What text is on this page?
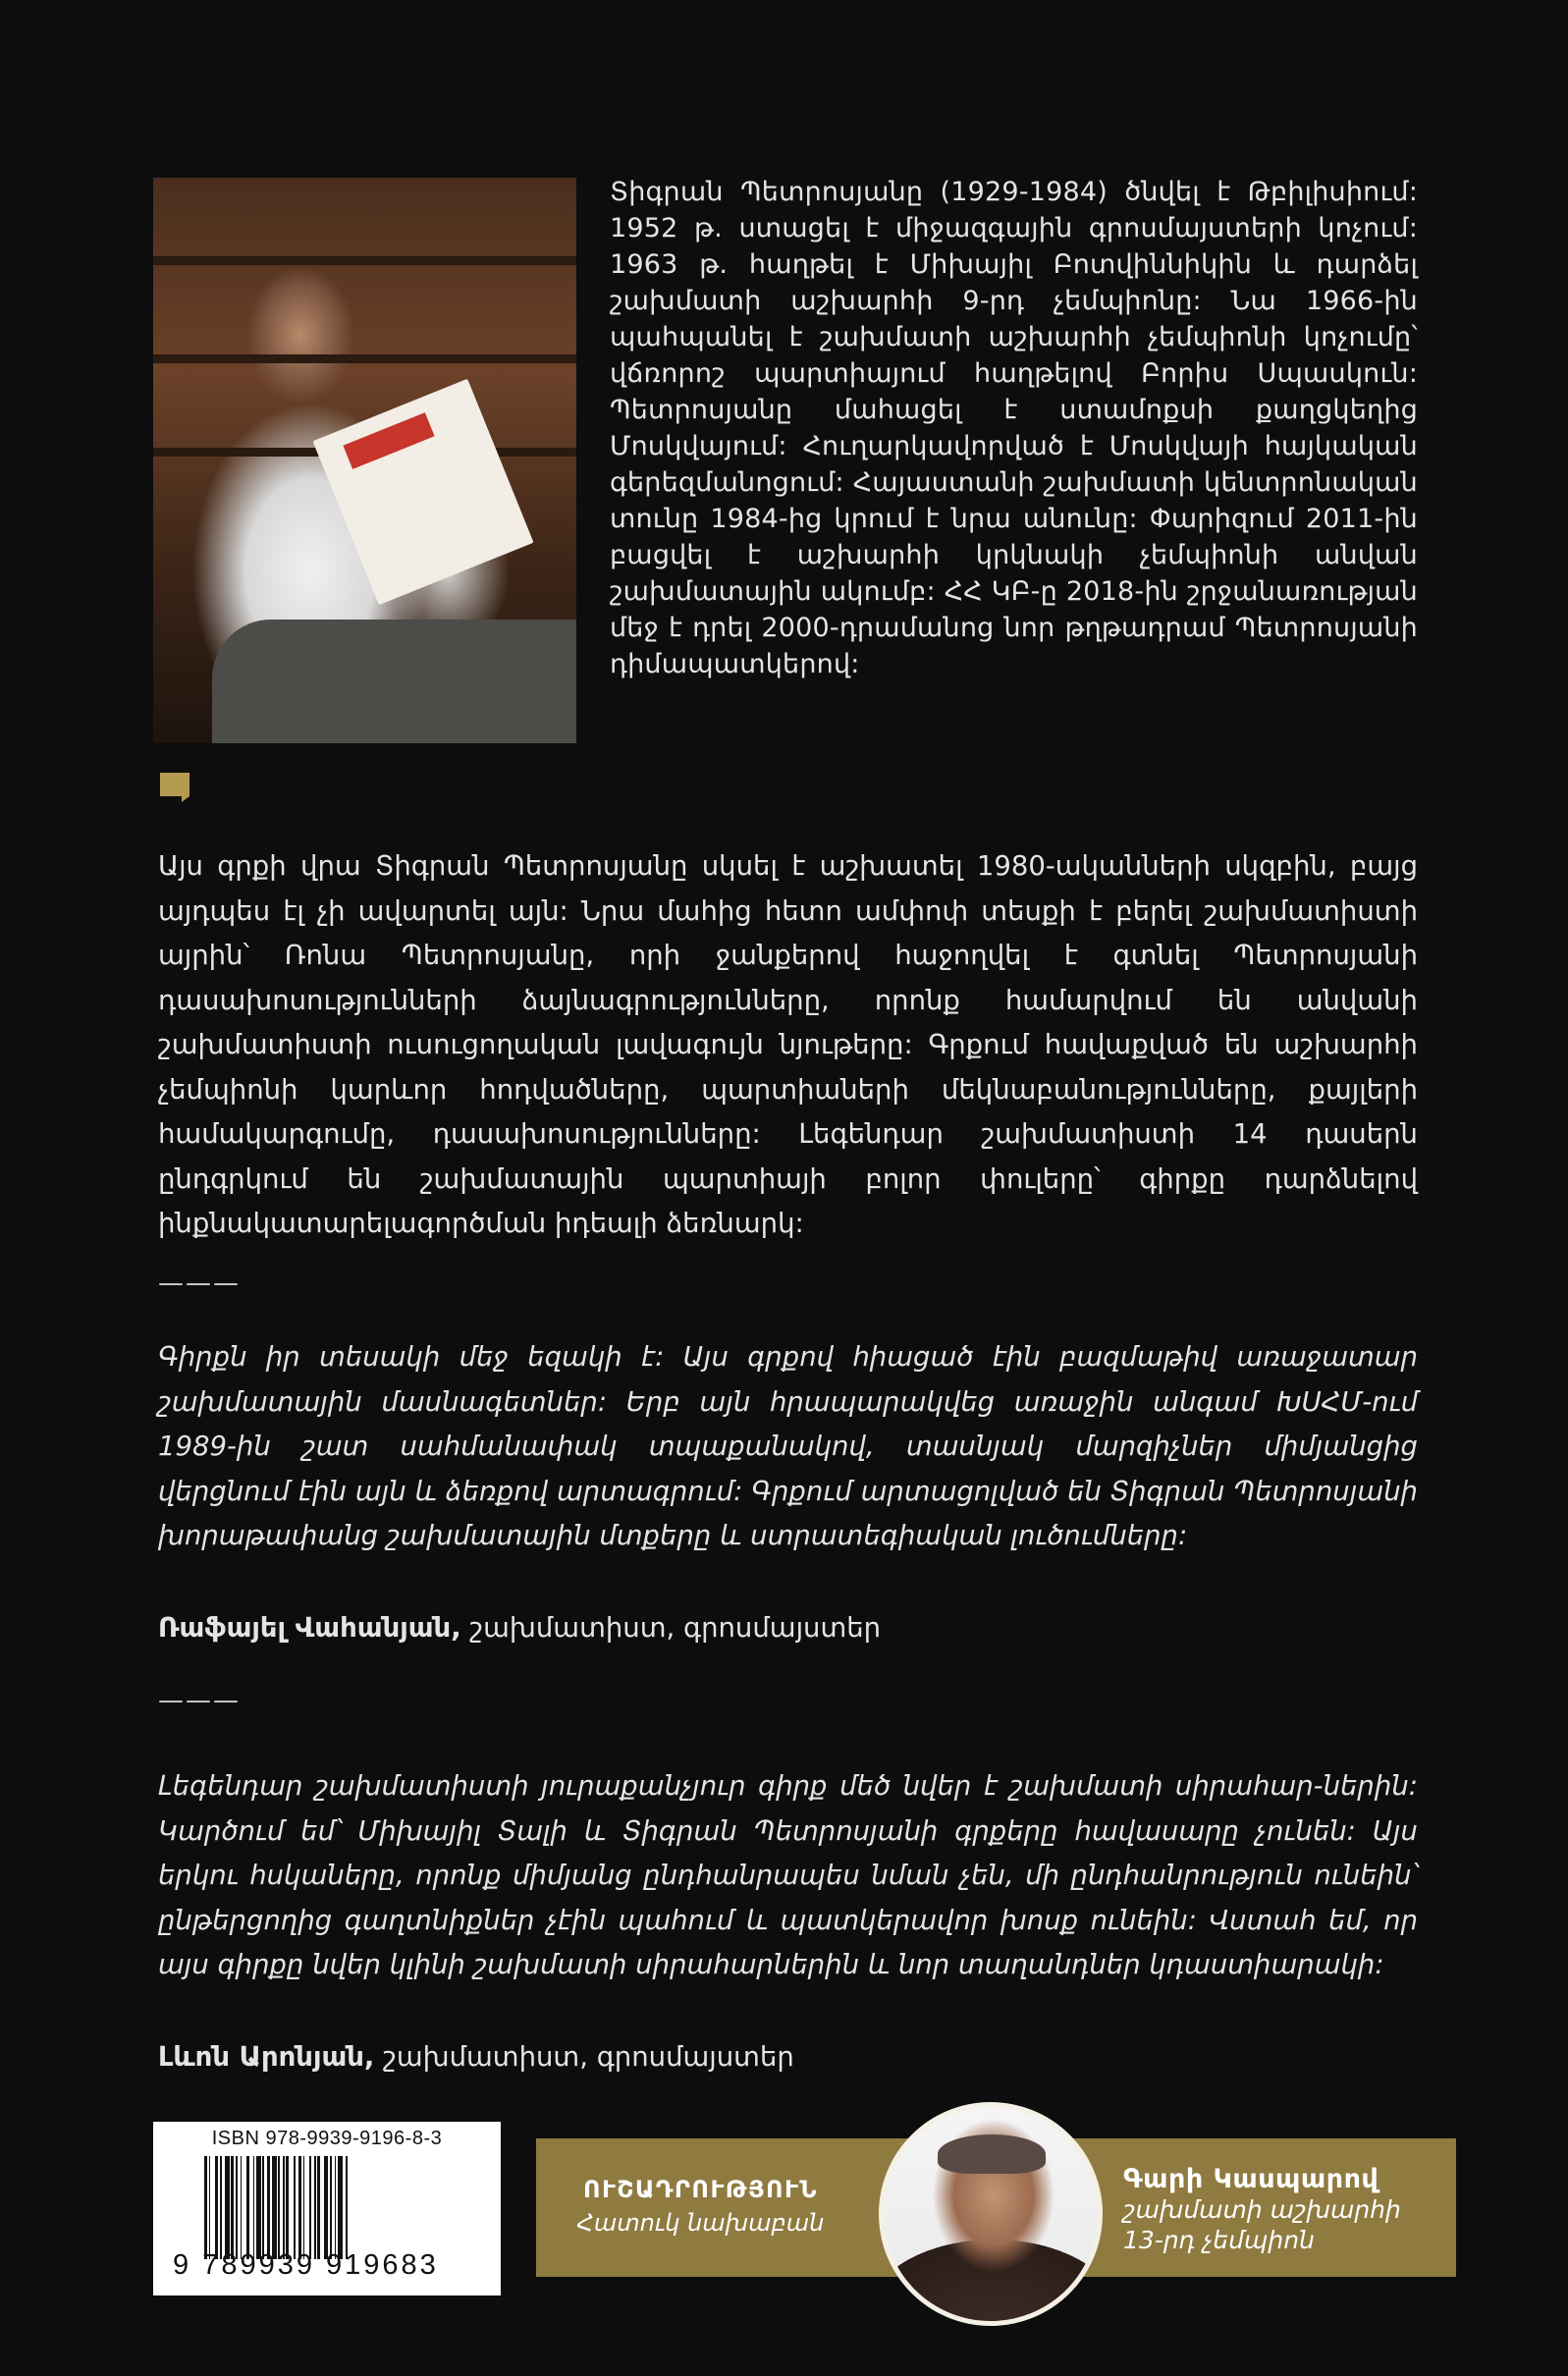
Տիգրան Պետրոսյանը (1929-1984) ծնվել է Թբիլիսիում: 1952 թ. ստացել է միջազգային գրոսմայստերի կոչում: 1963 թ. հաղթել է Միխայիլ Բոտվիննիկին և դարձել շախմատի աշխարհի 9-րդ չեմպիոնը: Նա 1966-ին պահպանել է շախմատի աշխարհի չեմպիոնի կոչումը՝ վճռորոշ պարտիայում հաղթելով Բորիս Սպասկուն: Պետրոսյանը մահացել է ստամոքսի քաղցկեղից Մոսկվայում: Հուղարկավորված է Մոսկվայի հայկական գերեզմանոցում: Հայաստանի շախմատի կենտրոնական տունը 1984-ից կրում է նրա անունը: Փարիզում 2011-ին բացվել է աշխարհի կրկնակի չեմպիոնի անվան շախմատային ակումբ: ՀՀ ԿԲ-ը 2018-ին շրջանառության մեջ է դրել 2000-դրամանոց նոր թղթադրամ Պետրոսյանի դիմապատկերով:

Այս գրքի վրա Տիգրան Պետրոսյանը սկսել է աշխատել 1980-ականների սկզբին, բայց այդպես էլ չի ավարտել այն: Նրա մահից հետո ամփոփ տեսքի է բերել շախմատիստի այրին՝ Ռոնա Պետրոսյանը, որի ջանքերով հաջողվել է գտնել Պետրոսյանի դասախոսությունների ձայնագրությունները, որոնք համարվում են անվանի շախմատիստի ուսուցողական լավագույն նյութերը: Գրքում հավաքված են աշխարհի չեմպիոնի կարևոր հոդվածները, պարտիաների մեկնաբանությունները, քայլերի համակարգումը, դասախոսությունները: Լեգենդար շախմատիստի 14 դասերն ընդգրկում են շախմատային պարտիայի բոլոր փուլերը՝ գիրքը դարձնելով ինքնակատարելագործման իդեալի ձեռնարկ:

———

Գիրքն իր տեսակի մեջ եզակի է: Այս գրքով հիացած էին բազմաթիվ առաջատար շախմատային մասնագետներ: Երբ այն հրապարակվեց առաջին անգամ ԽՍՀՄ-ում 1989-ին շատ սահմանափակ տպաքանակով, տասնյակ մարզիչներ միմյանցից վերցնում էին այն և ձեռքով արտագրում: Գրքում արտացոլված են Տիգրան Պետրոսյանի խորաթափանց շախմատային մտքերը և ստրատեգիական լուծումները:

Ռաֆայել Վահանյան, շախմատիստ, գրոսմայստեր
———

Լեգենդար շախմատիստի յուրաքանչյուր գիրք մեծ նվեր է շախմատի սիրահար-ներին: Կարծում եմ՝ Միխայիլ Տալի և Տիգրան Պետրոսյանի գրքերը հավասարը չունեն: Այս երկու հսկաները, որոնք միմյանց ընդհանրապես նման չեն, մի ընդհանրություն ունեին՝ ընթերցողից գաղտնիքներ չէին պահում և պատկերավոր խոսք ունեին: Վստահ եմ, որ այս գիրքը նվեր կլինի շախմատի սիրահարներին և նոր տաղանդներ կդաստիարակի:

Լևոն Արոնյան, շախմատիստ, գրոսմայստեր
ISBN 978-9939-9196-8-3
9 789939 919683
ՈՒՇԱԴՐՈՒԹՅՈՒՆ
Հատուկ նախաբան
Գարի Կասպարով
շախմատի աշխարհի
13-րդ չեմպիոն
